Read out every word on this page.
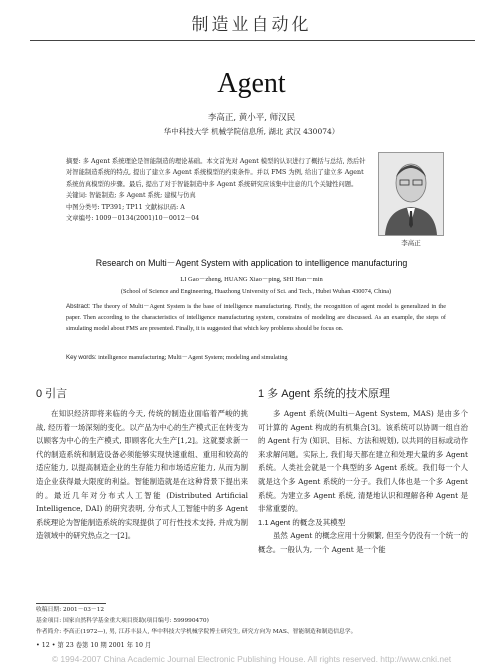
制造业自动化
Agent
李高正, 黄小平, 师汉民
华中科技大学 机械学院信息所, 湖北 武汉 430074）

摘要: 多 Agent 系统理论是智能制造的理论基础。本文首先对 Agent 模型的认识进行了概括与总结, 然后针对智能制造系统的特点, 提出了建立多 Agent 系统模型的约束条件。并以 FMS 为例, 给出了建立多 Agent 系统仿真模型的步骤。最后, 提出了对于智能制造中多 Agent 系统研究应该集中注意的几个关键性问题。

关键词: 智能制造; 多 Agent 系统; 建模与仿真

中图分类号: TP391; TP11 文献标识码: A

文章编号: 1009－0134(2001)10－0012－04

李高正
Research on Multi－Agent System with application to intelligence manufacturing
LI Gao－zheng, HUANG Xiao－ping, SHI Han－min
(School of Science and Engineering, Huazhong University of Sci. and Tech., Hubei Wuhan 430074, China)
Abstract: The theory of Multi－Agent System is the base of intelligence manufacturing. Firstly, the recognition of agent model is generalized in the paper. Then according to the characteristics of intelligence manufacturing system, constrains of modeling are discussed. As an example, the steps of simulating model about FMS are presented. Finally, it is suggested that which key problems should be focus on.
Key words: intelligence manufacturing; Multi－Agent System; modeling and simulating
0 引言

在知识经济即将来临的今天, 传统的制造业面临着严峻的挑战, 经历着一场深刻的变化。以产品为中心的生产模式正在转变为以顾客为中心的生产模式, 即顾客化大生产[1,2]。这就要求新一代的制造系统和制造设备必须能够实现快速重组、重用和较高的适应能力, 以提高制造企业的生存能力和市场适应能力, 从而为制造企业获得最大限度的利益。智能制造就是在这种背景下提出来的。最近几年对分布式人工智能 (Distributed Artificial Intelligence, DAI) 的研究表明, 分布式人工智能中的多 Agent 系统理论为智能制造系统的实现提供了可行性技术支持, 并成为制造领域中的研究热点之一[2]。

1 多 Agent 系统的技术原理

多 Agent 系统(Multi－Agent System, MAS) 是由多个可计算的 Agent 构成的有机集合[3]。该系统可以协调一组自治的 Agent 行为 (知识、目标、方法和规划), 以共同的目标或动作来求解问题。实际上, 我们每天都在建立和处理大量的多 Agent 系统。人类社会就是一个典型的多 Agent 系统。我们每一个人就是这个多 Agent 系统的一分子。我们人体也是一个多 Agent 系统。为建立多 Agent 系统, 清楚地认识和理解各种 Agent 是非常重要的。

1.1 Agent 的概念及其模型

虽然 Agent 的概念应用十分频繁, 但至今仍没有一个统一的概念。一般认为, 一个 Agent 是一个能

收稿日期: 2001－03－12

基金项目: 国家自然科学基金重大项目资助(项目编号: 599990470)

作者简介: 李高正(1972—), 男, 江苏丰县人, 华中科技大学机械学院博士研究生, 研究方向为 MAS、智能制造和制造信息学。

• 12 • 第 23 卷第 10 期 2001 年 10 月
© 1994-2007 China Academic Journal Electronic Publishing House. All rights reserved. http://www.cnki.net
